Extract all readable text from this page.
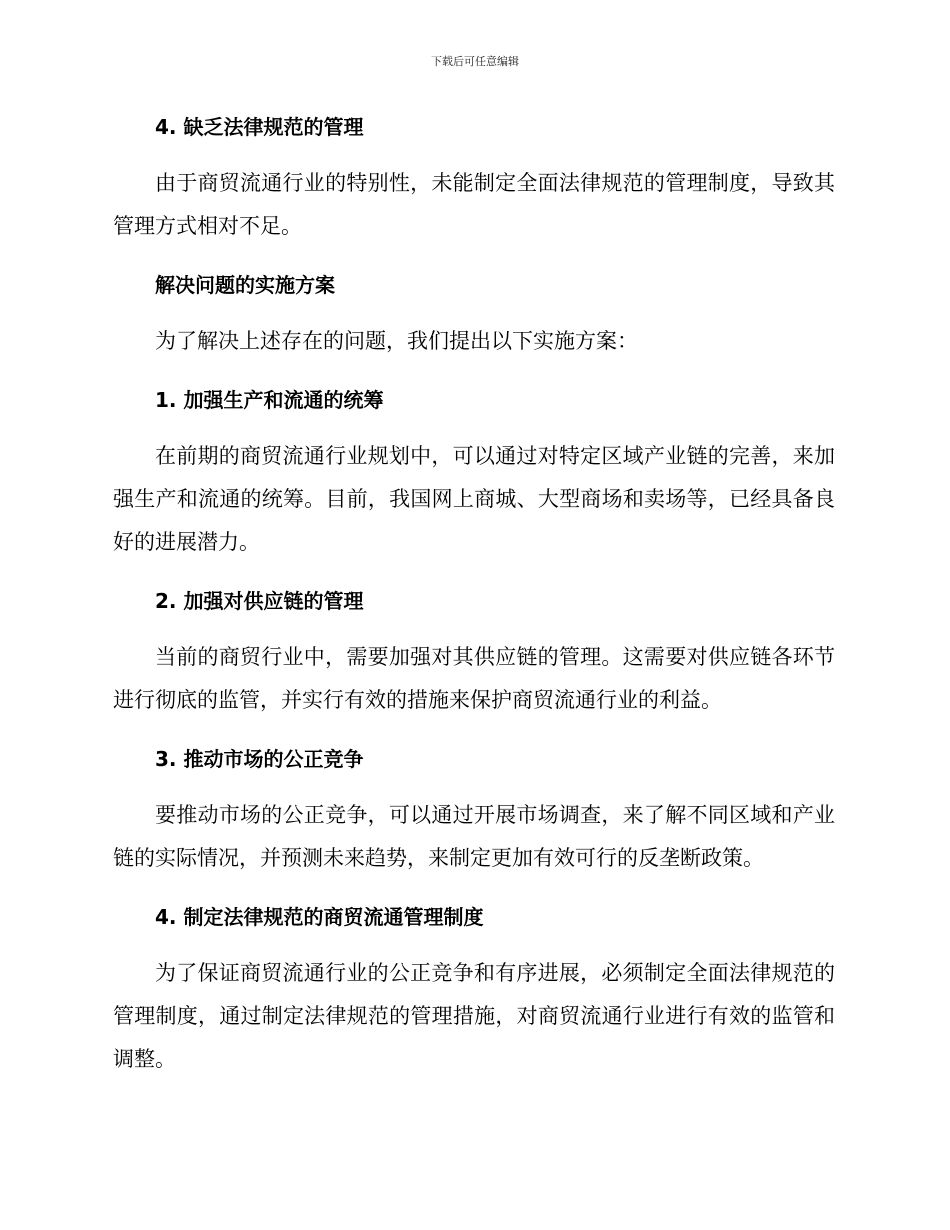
下载后可任意编辑
4. 缺乏法律规范的管理

由于商贸流通行业的特别性，未能制定全面法律规范的管理制度，导致其管理方式相对不足。

解决问题的实施方案

为了解决上述存在的问题，我们提出以下实施方案：

1. 加强生产和流通的统筹

在前期的商贸流通行业规划中，可以通过对特定区域产业链的完善，来加强生产和流通的统筹。目前，我国网上商城、大型商场和卖场等，已经具备良好的进展潜力。

2. 加强对供应链的管理

当前的商贸行业中，需要加强对其供应链的管理。这需要对供应链各环节进行彻底的监管，并实行有效的措施来保护商贸流通行业的利益。

3. 推动市场的公正竞争

要推动市场的公正竞争，可以通过开展市场调查，来了解不同区域和产业链的实际情况，并预测未来趋势，来制定更加有效可行的反垄断政策。

4. 制定法律规范的商贸流通管理制度

为了保证商贸流通行业的公正竞争和有序进展，必须制定全面法律规范的管理制度，通过制定法律规范的管理措施，对商贸流通行业进行有效的监管和调整。
